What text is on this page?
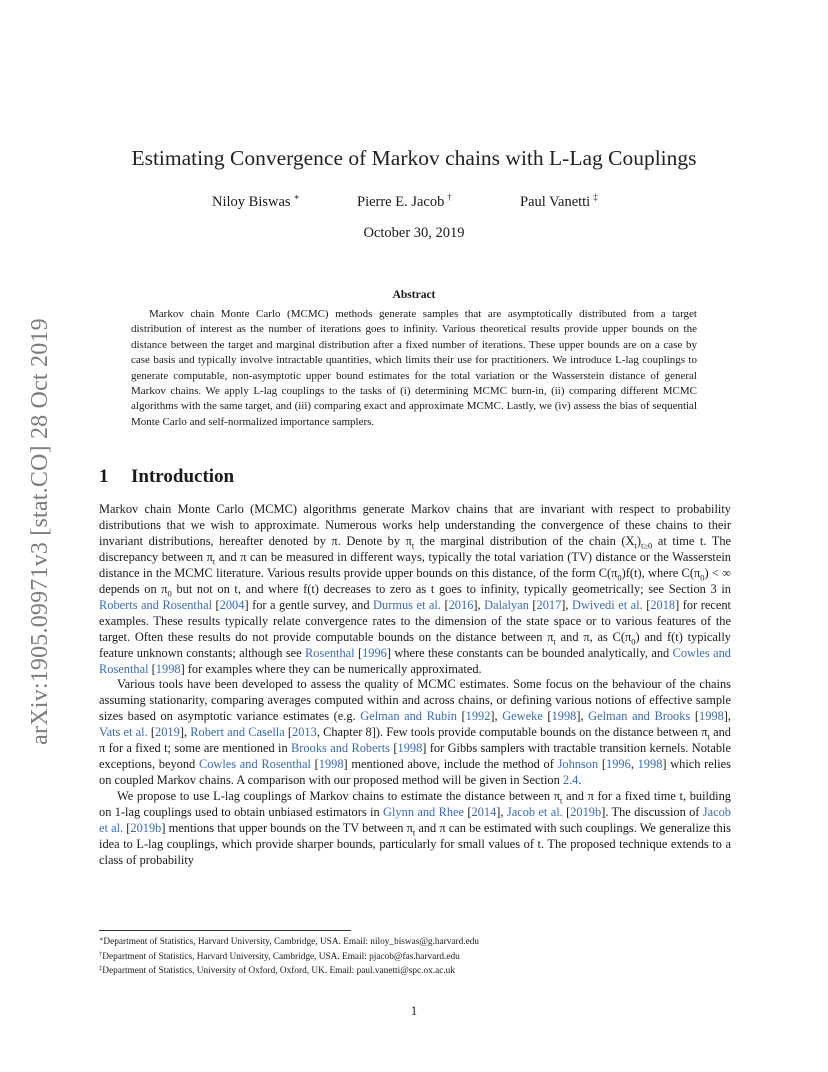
arXiv:1905.09971v3 [stat.CO] 28 Oct 2019
Estimating Convergence of Markov chains with L-Lag Couplings
Niloy Biswas ∗	Pierre E. Jacob †	Paul Vanetti ‡
October 30, 2019
Abstract

Markov chain Monte Carlo (MCMC) methods generate samples that are asymptotically distributed from a target distribution of interest as the number of iterations goes to infinity. Various theoretical results provide upper bounds on the distance between the target and marginal distribution after a fixed number of iterations. These upper bounds are on a case by case basis and typically involve intractable quantities, which limits their use for practitioners. We introduce L-lag couplings to generate computable, non-asymptotic upper bound estimates for the total variation or the Wasserstein distance of general Markov chains. We apply L-lag couplings to the tasks of (i) determining MCMC burn-in, (ii) comparing different MCMC algorithms with the same target, and (iii) comparing exact and approximate MCMC. Lastly, we (iv) assess the bias of sequential Monte Carlo and self-normalized importance samplers.

1 Introduction

Markov chain Monte Carlo (MCMC) algorithms generate Markov chains that are invariant with respect to probability distributions that we wish to approximate. Numerous works help understanding the convergence of these chains to their invariant distributions, hereafter denoted by π. Denote by $\pi_t$ the marginal distribution of the chain $(X_t)_{t\ge 0}$ at time t. The discrepancy between $\pi_t$ and π can be measured in different ways, typically the total variation (TV) distance or the Wasserstein distance in the MCMC literature. Various results provide upper bounds on this distance, of the form $C(\pi_0)f(t)$, where $C(\pi_0)$ < ∞ depends on $\pi_0$ but not on t, and where f(t) decreases to zero as t goes to infinity, typically geometrically; see Section 3 in Roberts and Rosenthal [2004] for a gentle survey, and Durmus et al. [2016], Dalalyan [2017], Dwivedi et al. [2018] for recent examples. These results typically relate convergence rates to the dimension of the state space or to various features of the target. Often these results do not provide computable bounds on the distance between $\pi_t$ and π, as $C(\pi_0)$ and f(t) typically feature unknown constants; although see Rosenthal [1996] where these constants can be bounded analytically, and Cowles and Rosenthal [1998] for examples where they can be numerically approximated.

Various tools have been developed to assess the quality of MCMC estimates. Some focus on the behaviour of the chains assuming stationarity, comparing averages computed within and across chains, or defining various notions of effective sample sizes based on asymptotic variance estimates (e.g. Gelman and Rubin [1992], Geweke [1998], Gelman and Brooks [1998], Vats et al. [2019], Robert and Casella [2013, Chapter 8]). Few tools provide computable bounds on the distance between $\pi_t$ and π for a fixed t; some are mentioned in Brooks and Roberts [1998] for Gibbs samplers with tractable transition kernels. Notable exceptions, beyond Cowles and Rosenthal [1998] mentioned above, include the method of Johnson [1996, 1998] which relies on coupled Markov chains. A comparison with our proposed method will be given in Section 2.4.

We propose to use L-lag couplings of Markov chains to estimate the distance between $\pi_t$ and π for a fixed time t, building on 1-lag couplings used to obtain unbiased estimators in Glynn and Rhee [2014], Jacob et al. [2019b]. The discussion of Jacob et al. [2019b] mentions that upper bounds on the TV between $\pi_t$ and π can be estimated with such couplings. We generalize this idea to L-lag couplings, which provide sharper bounds, particularly for small values of t. The proposed technique extends to a class of probability

∗Department of Statistics, Harvard University, Cambridge, USA. Email: niloy_biswas@g.harvard.edu
†Department of Statistics, Harvard University, Cambridge, USA. Email: pjacob@fas.harvard.edu
‡Department of Statistics, University of Oxford, Oxford, UK. Email: paul.vanetti@spc.ox.ac.uk
1
